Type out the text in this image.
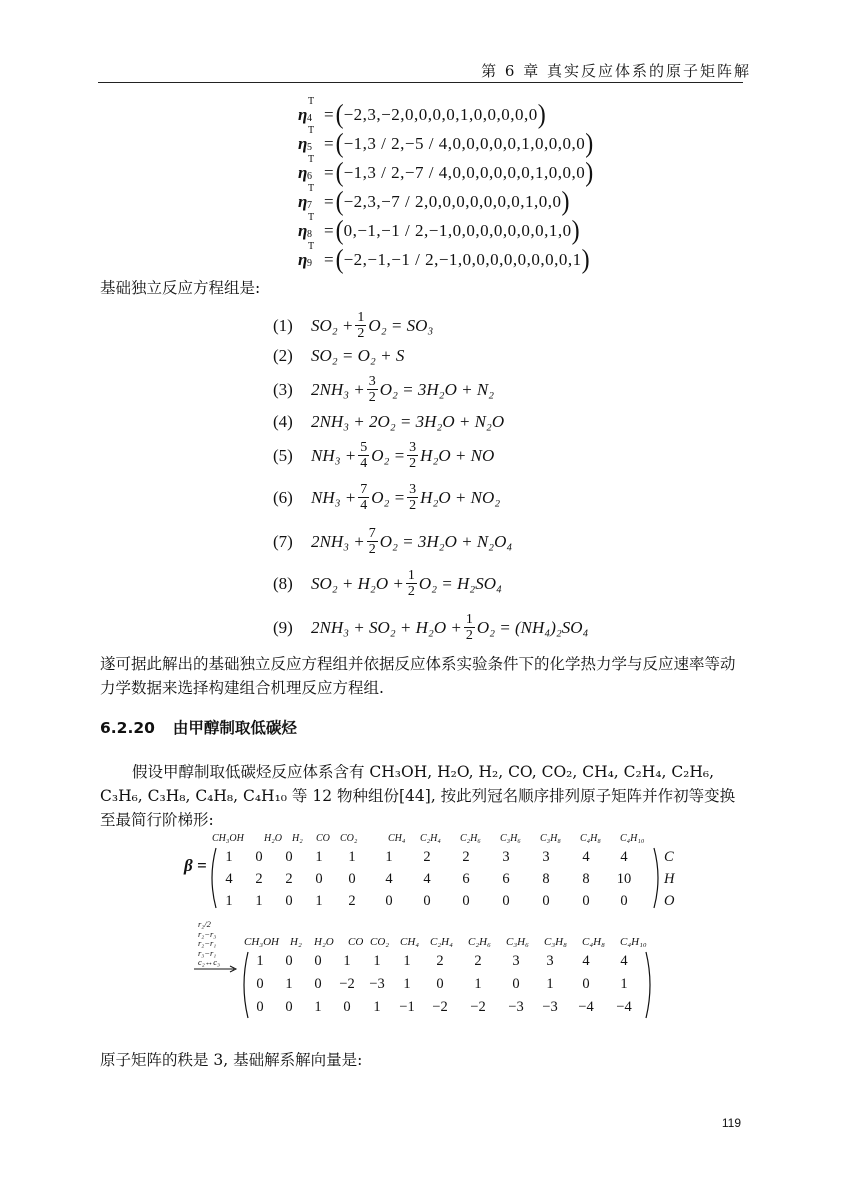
第 6 章 真实反应体系的原子矩阵解
η
T
4 = ( −2,3,−2,0,0,0,0,1,0,0,0,0,0 )
η
T
5 = ( −1,3 / 2,−5 / 4,0,0,0,0,0,1,0,0,0,0 )
η
T
6 = ( −1,3 / 2,−7 / 4,0,0,0,0,0,0,1,0,0,0 )
η
T
7 = ( −2,3,−7 / 2,0,0,0,0,0,0,0,1,0,0 )
η
T
8 = ( 0,−1,−1 / 2,−1,0,0,0,0,0,0,0,1,0 )
η
T
9 = ( −2,−1,−1 / 2,−1,0,0,0,0,0,0,0,0,1 )
基础独立反应方程组是:
(1)	$SO_2 + \frac{1}{2} O_2 = SO_3$
(2)	SO₂ = O₂ + S
(3)	$2NH_3 + \frac{3}{2} O_2 = 3H_2O + N_2$
(4)	2NH₃ + 2O₂ = 3H₂O + N₂O
(5)	$NH_3 + \frac{5}{4} O_2 = \frac{3}{2} H_2O$ + NO
(6)	$NH_3 + \frac{7}{4} O_2 = \frac{3}{2} H_2O + NO_2$
(7)	$2NH_3 + \frac{7}{2} O_2 = 3H_2O + N_2O_4$
(8)	$SO_2 + H_2O + \frac{1}{2} O_2 = H_2SO_4$
(9)	$2NH_3 + SO_2 + H_2O + \frac{1}{2} O_2 = (NH_4)_2SO_4$
遂可据此解出的基础独立反应方程组并依据反应体系实验条件下的化学热力学与反应速率等动力学数据来选择构建组合机理反应方程组.
6.2.20 由甲醇制取低碳烃
假设甲醇制取低碳烃反应体系含有 CH₃OH, H₂O, H₂, CO, CO₂, CH₄, C₂H₄, C₂H₆, C₃H₆, C₃H₈, C₄H₈, C₄H₁₀ 等 12 物种组份[44], 按此列冠名顺序排列原子矩阵并作初等变换至最简行阶梯形:
β =
CH₃OH	H₂O	H₂	CO	CO₂	CH₄	C₂H₄	C₂H₆	C₃H₆	C₃H₈	C₄H₈	C₄H₁₀
1	0	0	1	1	1	2	2	3	3	4	4
4	2	2	0	0	4	4	6	6	8	8	10
1	1	0	1	2	0	0	0	0	0	0	0
C
H
O
r₂/2
r₂−r₃
r₂−r₁
r₃−r₁
c₂↔c₃
CH₃OH	H₂	H₂O	CO CO₂ CH₄ C₂H₄	C₂H₆	C₃H₆	C₃H₈	C₄H₈	C₄H₁₀
1	0	0	1	1	1	2	2	3	3	4	4
0	1	0	−2	−3	1	0	1	0	1	0	1
0	0	1	0	1	−1	−2	−2	−3	−3	−4	−4
原子矩阵的秩是 3, 基础解系解向量是:
119
